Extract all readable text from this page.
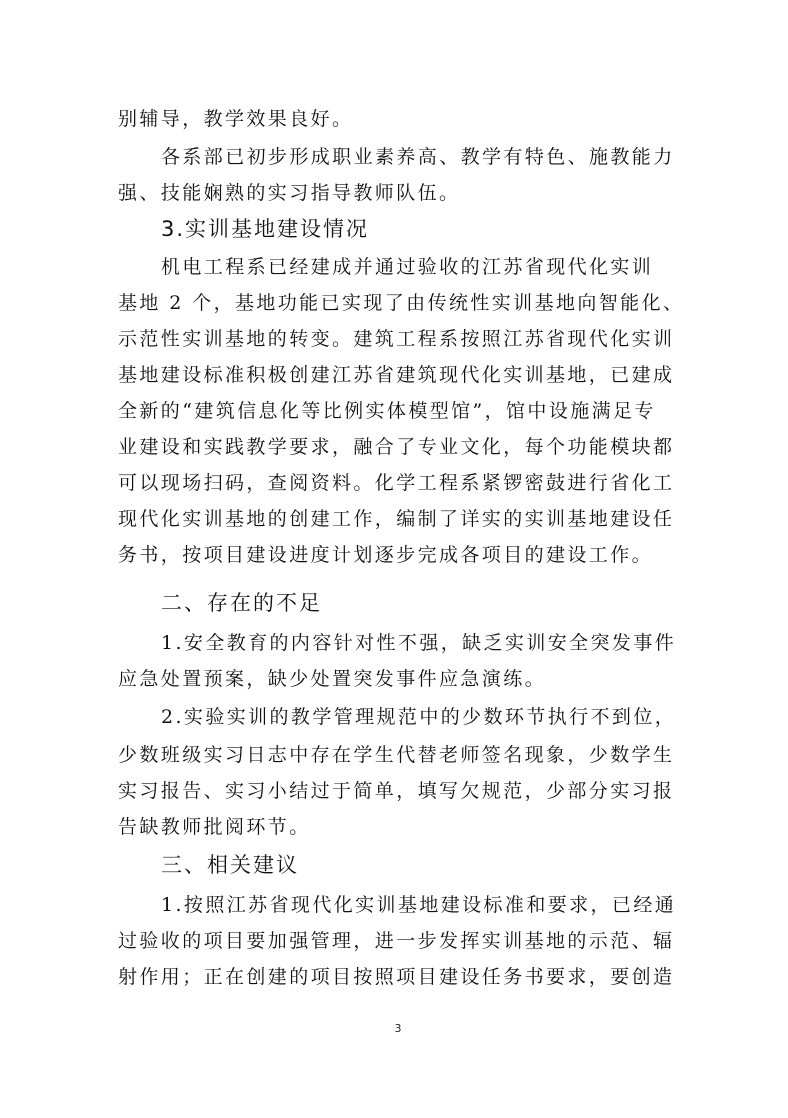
别辅导，教学效果良好。
各系部已初步形成职业素养高、教学有特色、施教能力
强、技能娴熟的实习指导教师队伍。
3.实训基地建设情况
机电工程系已经建成并通过验收的江苏省现代化实训
基地 2 个，基地功能已实现了由传统性实训基地向智能化、
示范性实训基地的转变。建筑工程系按照江苏省现代化实训
基地建设标准积极创建江苏省建筑现代化实训基地，已建成
全新的“建筑信息化等比例实体模型馆”，馆中设施满足专
业建设和实践教学要求，融合了专业文化，每个功能模块都
可以现场扫码，查阅资料。化学工程系紧锣密鼓进行省化工
现代化实训基地的创建工作，编制了详实的实训基地建设任
务书，按项目建设进度计划逐步完成各项目的建设工作。
二、存在的不足
1.安全教育的内容针对性不强，缺乏实训安全突发事件
应急处置预案，缺少处置突发事件应急演练。
2.实验实训的教学管理规范中的少数环节执行不到位，
少数班级实习日志中存在学生代替老师签名现象，少数学生
实习报告、实习小结过于简单，填写欠规范，少部分实习报
告缺教师批阅环节。
三、相关建议
1.按照江苏省现代化实训基地建设标准和要求，已经通
过验收的项目要加强管理，进一步发挥实训基地的示范、辐
射作用；正在创建的项目按照项目建设任务书要求，要创造
3
